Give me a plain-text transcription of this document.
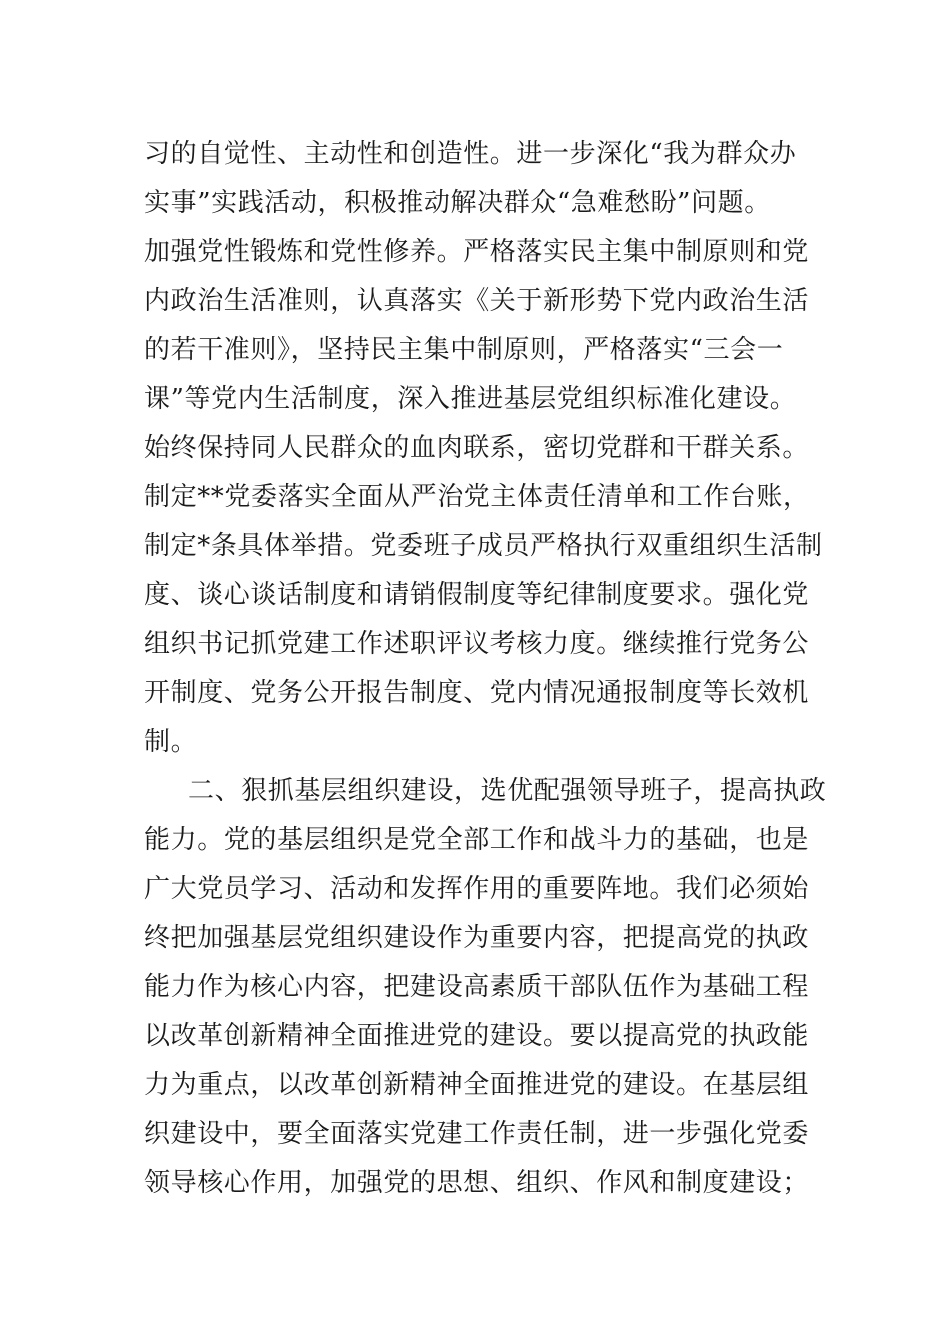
习的自觉性、主动性和创造性。进一步深化“我为群众办
实事”实践活动，积极推动解决群众“急难愁盼”问题。
加强党性锻炼和党性修养。严格落实民主集中制原则和党
内政治生活准则，认真落实《关于新形势下党内政治生活
的若干准则》，坚持民主集中制原则，严格落实“三会一
课”等党内生活制度，深入推进基层党组织标准化建设。
始终保持同人民群众的血肉联系，密切党群和干群关系。
制定**党委落实全面从严治党主体责任清单和工作台账，
制定*条具体举措。党委班子成员严格执行双重组织生活制
度、谈心谈话制度和请销假制度等纪律制度要求。强化党
组织书记抓党建工作述职评议考核力度。继续推行党务公
开制度、党务公开报告制度、党内情况通报制度等长效机
制。
二、狠抓基层组织建设，选优配强领导班子，提高执政
能力。党的基层组织是党全部工作和战斗力的基础，也是
广大党员学习、活动和发挥作用的重要阵地。我们必须始
终把加强基层党组织建设作为重要内容，把提高党的执政
能力作为核心内容，把建设高素质干部队伍作为基础工程
以改革创新精神全面推进党的建设。要以提高党的执政能
力为重点，以改革创新精神全面推进党的建设。在基层组
织建设中，要全面落实党建工作责任制，进一步强化党委
领导核心作用，加强党的思想、组织、作风和制度建设；
